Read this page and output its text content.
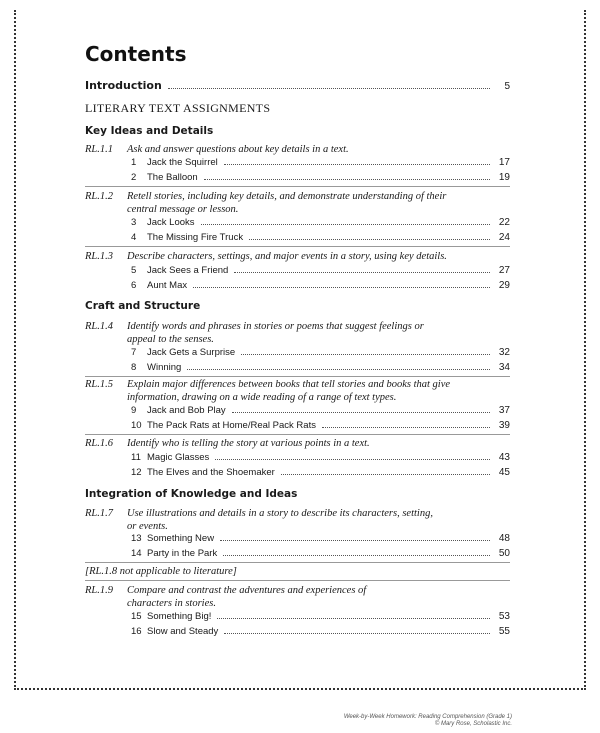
Contents
Introduction	5
LITERARY TEXT ASSIGNMENTS
Key Ideas and Details
RL.1.1 Ask and answer questions about key details in a text.
1	Jack the Squirrel	17
2	The Balloon	19
RL.1.2 Retell stories, including key details, and demonstrate understanding of their central message or lesson.
3	Jack Looks	22
4	The Missing Fire Truck	24
RL.1.3 Describe characters, settings, and major events in a story, using key details.
5	Jack Sees a Friend	27
6	Aunt Max	29
Craft and Structure
RL.1.4 Identify words and phrases in stories or poems that suggest feelings or appeal to the senses.
7	Jack Gets a Surprise	32
8	Winning	34
RL.1.5 Explain major differences between books that tell stories and books that give information, drawing on a wide reading of a range of text types.
9	Jack and Bob Play	37
10 The Pack Rats at Home/Real Pack Rats	39
RL.1.6 Identify who is telling the story at various points in a text.
11 Magic Glasses	43
12 The Elves and the Shoemaker	45
Integration of Knowledge and Ideas
RL.1.7 Use illustrations and details in a story to describe its characters, setting, or events.
13 Something New	48
14 Party in the Park	50
[RL.1.8 not applicable to literature]
RL.1.9 Compare and contrast the adventures and experiences of characters in stories.
15 Something Big!	53
16 Slow and Steady	55
Week-by-Week Homework: Reading Comprehension (Grade 1)
© Mary Rose, Scholastic Inc.
